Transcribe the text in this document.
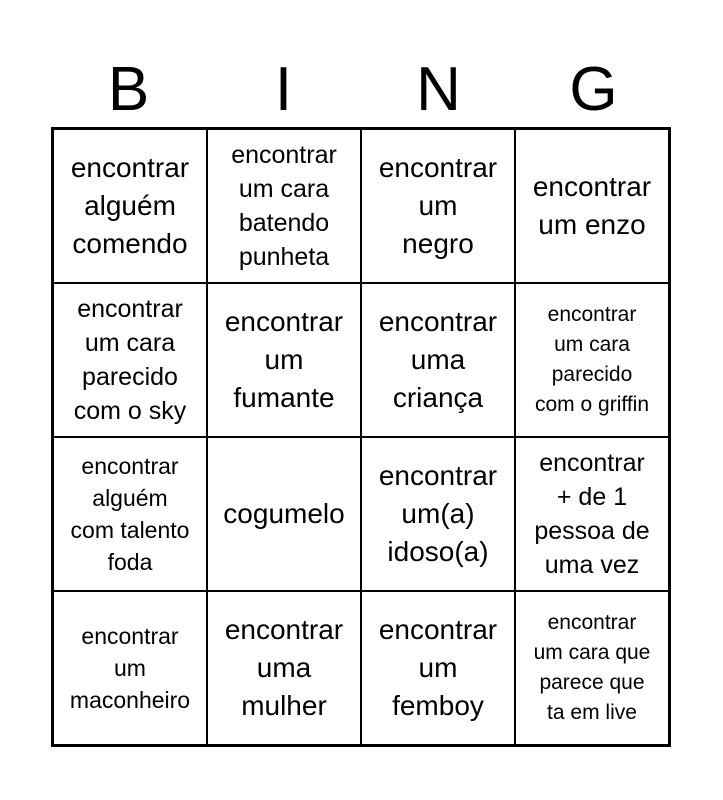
B	I	N	G
encontrar
alguém
comendo
encontrar
um cara
batendo
punheta
encontrar
um
negro
encontrar
um enzo
encontrar
um cara
parecido
com o sky
encontrar
um
fumante
encontrar
uma
criança
encontrar
um cara
parecido
com o griffin
encontrar
alguém
com talento
foda
cogumelo
encontrar
um(a)
idoso(a)
encontrar
+ de 1
pessoa de
uma vez
encontrar
um
maconheiro
encontrar
uma
mulher
encontrar
um
femboy
encontrar
um cara que
parece que
ta em live
